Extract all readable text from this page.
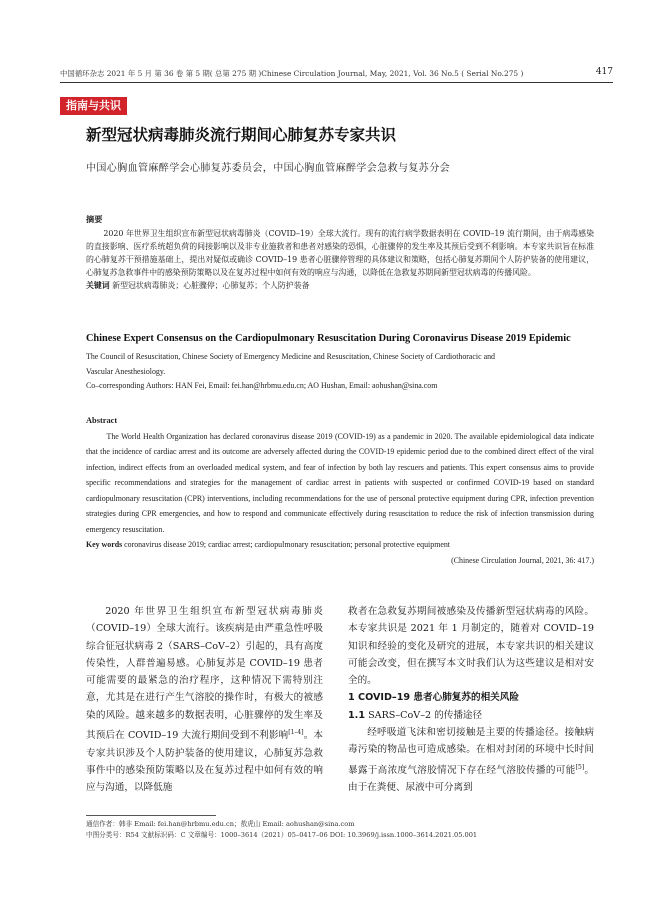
中国循环杂志 2021 年 5 月 第 36 卷 第 5 期( 总第 275 期 )Chinese Circulation Journal, May, 2021, Vol. 36 No.5 ( Serial No.275 )	417
指南与共识
新型冠状病毒肺炎流行期间心肺复苏专家共识
中国心胸血管麻醉学会心肺复苏委员会，中国心胸血管麻醉学会急救与复苏分会
摘要
2020 年世界卫生组织宣布新型冠状病毒肺炎（COVID–19）全球大流行。现有的流行病学数据表明在 COVID–19 流行期间，由于病毒感染的直接影响、医疗系统超负荷的间接影响以及非专业施救者和患者对感染的恐惧，心脏骤停的发生率及其预后受到不利影响。本专家共识旨在标准的心肺复苏干预措施基础上，提出对疑似或确诊 COVID–19 患者心脏骤停管理的具体建议和策略，包括心肺复苏期间个人防护装备的使用建议，心肺复苏急救事件中的感染预防策略以及在复苏过程中如何有效的响应与沟通，以降低在急救复苏期间新型冠状病毒的传播风险。
关键词 新型冠状病毒肺炎；心脏骤停；心肺复苏；个人防护装备
Chinese Expert Consensus on the Cardiopulmonary Resuscitation During Coronavirus Disease 2019 Epidemic
The Council of Resuscitation, Chinese Society of Emergency Medicine and Resuscitation, Chinese Society of Cardiothoracic and
Vascular Anesthesiology.
Co–corresponding Authors: HAN Fei, Email: fei.han@hrbmu.edu.cn; AO Hushan, Email: aohushan@sina.com
Abstract
The World Health Organization has declared coronavirus disease 2019 (COVID-19) as a pandemic in 2020. The available epidemiological data indicate that the incidence of cardiac arrest and its outcome are adversely affected during the COVID-19 epidemic period due to the combined direct effect of the viral infection, indirect effects from an overloaded medical system, and fear of infection by both lay rescuers and patients. This expert consensus aims to provide specific recommendations and strategies for the management of cardiac arrest in patients with suspected or confirmed COVID-19 based on standard cardiopulmonary resuscitation (CPR) interventions, including recommendations for the use of personal protective equipment during CPR, infection prevention strategies during CPR emergencies, and how to respond and communicate effectively during resuscitation to reduce the risk of infection transmission during emergency resuscitation.
Key words coronavirus disease 2019; cardiac arrest; cardiopulmonary resuscitation; personal protective equipment
(Chinese Circulation Journal, 2021, 36: 417.)

2020 年世界卫生组织宣布新型冠状病毒肺炎（COVID–19）全球大流行。该疾病是由严重急性呼吸综合征冠状病毒 2（SARS–CoV–2）引起的，具有高度传染性，人群普遍易感。心肺复苏是 COVID–19 患者可能需要的最紧急的治疗程序，这种情况下需特别注意，尤其是在进行产生气溶胶的操作时，有极大的被感染的风险。越来越多的数据表明，心脏骤停的发生率及其预后在 COVID–19 大流行期间受到不利影响[1–4]。本专家共识涉及个人防护装备的使用建议，心肺复苏急救事件中的感染预防策略以及在复苏过程中如何有效的响应与沟通，以降低施

救者在急救复苏期间被感染及传播新型冠状病毒的风险。本专家共识是 2021 年 1 月制定的，随着对 COVID–19 知识和经验的变化及研究的进展，本专家共识的相关建议可能会改变，但在撰写本文时我们认为这些建议是相对安全的。

1 COVID–19 患者心肺复苏的相关风险

1.1 SARS–CoV–2 的传播途径

经呼吸道飞沫和密切接触是主要的传播途径。接触病毒污染的物品也可造成感染。在相对封闭的环境中长时间暴露于高浓度气溶胶情况下存在经气溶胶传播的可能[5]。由于在粪便、尿液中可分离到

通信作者：韩非 Email: fei.han@hrbmu.edu.cn；敖虎山 Email: aohushan@sina.com
中图分类号：R54 文献标识码：C 文章编号：1000–3614（2021）05–0417–06 DOI: 10.3969/j.issn.1000–3614.2021.05.001
